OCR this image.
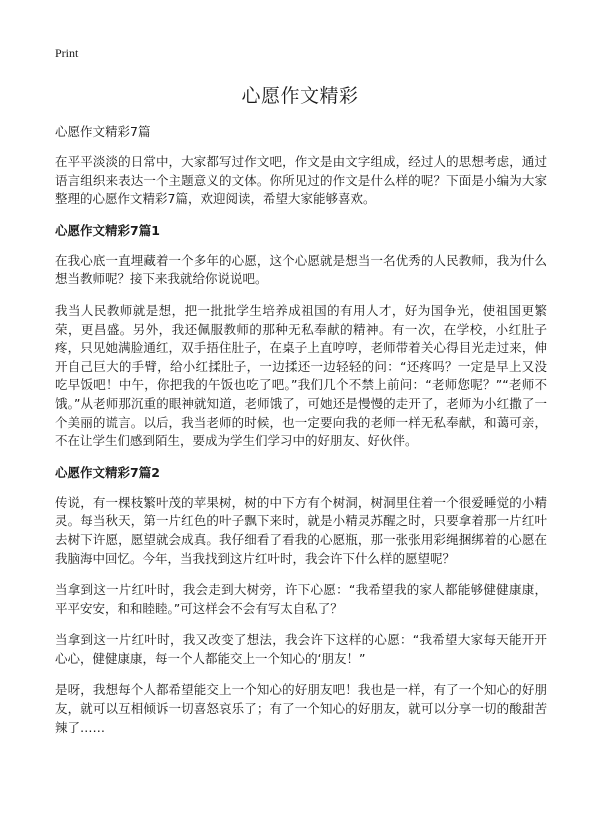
Print
心愿作文精彩
心愿作文精彩7篇

在平平淡淡的日常中，大家都写过作文吧，作文是由文字组成，经过人的思想考虑，通过语言组织来表达一个主题意义的文体。你所见过的作文是什么样的呢？下面是小编为大家整理的心愿作文精彩7篇，欢迎阅读，希望大家能够喜欢。

心愿作文精彩7篇1

在我心底一直埋藏着一个多年的心愿，这个心愿就是想当一名优秀的人民教师，我为什么想当教师呢？接下来我就给你说说吧。

我当人民教师就是想，把一批批学生培养成祖国的有用人才，好为国争光，使祖国更繁荣，更昌盛。另外，我还佩服教师的那种无私奉献的精神。有一次，在学校，小红肚子疼，只见她满脸通红，双手捂住肚子，在桌子上直哼哼，老师带着关心得目光走过来，伸开自己巨大的手臂，给小红揉肚子，一边揉还一边轻轻的问：“还疼吗？一定是早上又没吃早饭吧！中午，你把我的午饭也吃了吧。”我们几个不禁上前问：“老师您呢？”“老师不饿。”从老师那沉重的眼神就知道，老师饿了，可她还是慢慢的走开了，老师为小红撒了一个美丽的谎言。以后，我当老师的时候，也一定要向我的老师一样无私奉献，和蔼可亲，不在让学生们感到陌生，要成为学生们学习中的好朋友、好伙伴。

心愿作文精彩7篇2

传说，有一棵枝繁叶茂的苹果树，树的中下方有个树洞，树洞里住着一个很爱睡觉的小精灵。每当秋天，第一片红色的叶子飘下来时，就是小精灵苏醒之时，只要拿着那一片红叶去树下许愿，愿望就会成真。我仔细看了看我的心愿瓶，那一张张用彩绳捆绑着的心愿在我脑海中回忆。今年，当我找到这片红叶时，我会许下什么样的愿望呢？

当拿到这一片红叶时，我会走到大树旁，许下心愿：“我希望我的家人都能够健健康康，平平安安，和和睦睦。”可这样会不会有写太自私了？

当拿到这一片红叶时，我又改变了想法，我会许下这样的心愿：“我希望大家每天能开开心心，健健康康，每一个人都能交上一个知心的‘朋友！”

是呀，我想每个人都希望能交上一个知心的好朋友吧！我也是一样，有了一个知心的好朋友，就可以互相倾诉一切喜怒哀乐了；有了一个知心的好朋友，就可以分享一切的酸甜苦辣了……
